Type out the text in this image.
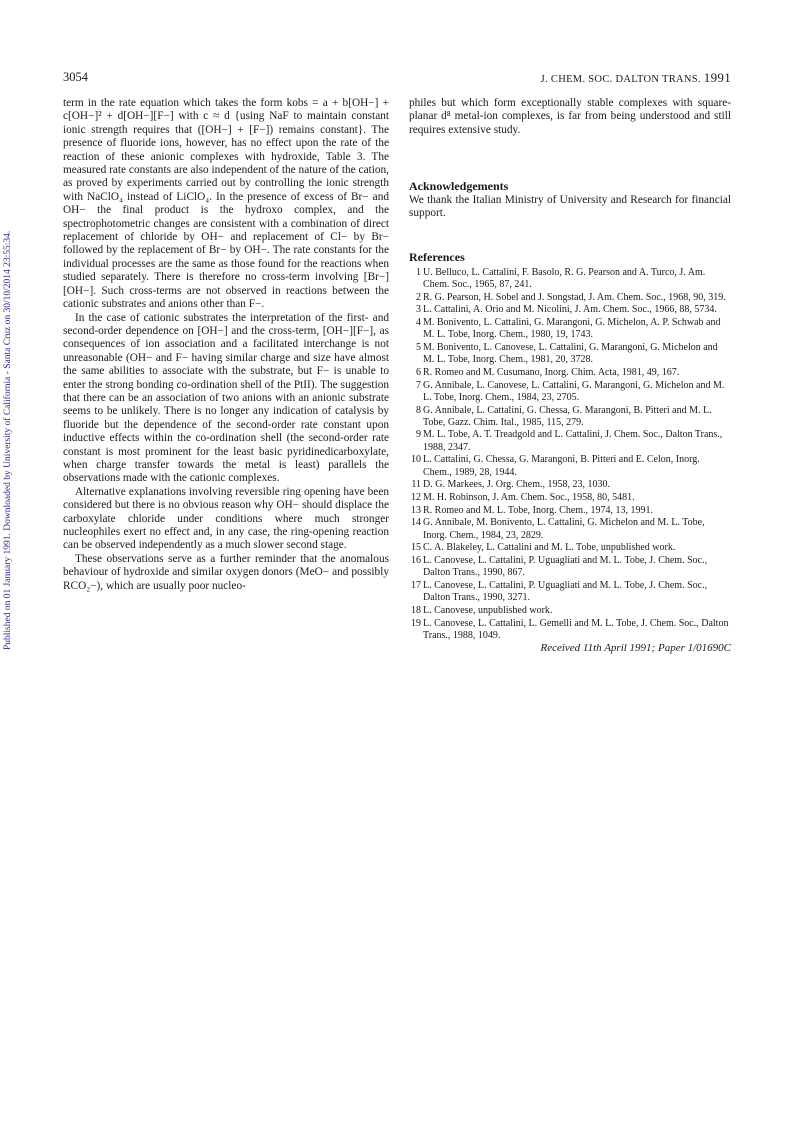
3054	J. CHEM. SOC. DALTON TRANS. 1991
Published on 01 January 1991. Downloaded by University of California - Santa Cruz on 30/10/2014 23:55:34.

term in the rate equation which takes the form kobs = a + b[OH−] + c[OH−]² + d[OH−][F−] with c ≈ d {using NaF to maintain constant ionic strength requires that ([OH−] + [F−]) remains constant}. The presence of fluoride ions, however, has no effect upon the rate of the reaction of these anionic complexes with hydroxide, Table 3. The measured rate constants are also independent of the nature of the cation, as proved by experiments carried out by controlling the ionic strength with NaClO₄ instead of LiClO₄. In the presence of excess of Br− and OH− the final product is the hydroxo complex, and the spectrophotometric changes are consistent with a combination of direct replacement of chloride by OH− and replacement of Cl− by Br− followed by the replacement of Br− by OH−. The rate constants for the individual processes are the same as those found for the reactions when studied separately. There is therefore no cross-term involving [Br−][OH−]. Such cross-terms are not observed in reactions between the cationic substrates and anions other than F−.

In the case of cationic substrates the interpretation of the first- and second-order dependence on [OH−] and the cross-term, [OH−][F−], as consequences of ion association and a facilitated interchange is not unreasonable (OH− and F− having similar charge and size have almost the same abilities to associate with the substrate, but F− is unable to enter the strong bonding co-ordination shell of the PtII). The suggestion that there can be an association of two anions with an anionic substrate seems to be unlikely. There is no longer any indication of catalysis by fluoride but the dependence of the second-order rate constant upon inductive effects within the co-ordination shell (the second-order rate constant is most prominent for the least basic pyridinedicarboxylate, when charge transfer towards the metal is least) parallels the observations made with the cationic complexes.

Alternative explanations involving reversible ring opening have been considered but there is no obvious reason why OH− should displace the carboxylate chloride under conditions where much stronger nucleophiles exert no effect and, in any case, the ring-opening reaction can be observed independently as a much slower second stage.

These observations serve as a further reminder that the anomalous behaviour of hydroxide and similar oxygen donors (MeO− and possibly RCO₂−), which are usually poor nucleo-

philes but which form exceptionally stable complexes with square-planar d⁸ metal-ion complexes, is far from being understood and still requires extensive study.

Acknowledgements

We thank the Italian Ministry of University and Research for financial support.

References
1 U. Belluco, L. Cattalini, F. Basolo, R. G. Pearson and A. Turco, J. Am. Chem. Soc., 1965, 87, 241.
2 R. G. Pearson, H. Sobel and J. Songstad, J. Am. Chem. Soc., 1968, 90, 319.
3 L. Cattalini, A. Orio and M. Nicolini, J. Am. Chem. Soc., 1966, 88, 5734.
4 M. Bonivento, L. Cattalini, G. Marangoni, G. Michelon, A. P. Schwab and M. L. Tobe, Inorg. Chem., 1980, 19, 1743.
5 M. Bonivento, L. Canovese, L. Cattalini, G. Marangoni, G. Michelon and M. L. Tobe, Inorg. Chem., 1981, 20, 3728.
6 R. Romeo and M. Cusumano, Inorg. Chim. Acta, 1981, 49, 167.
7 G. Annibale, L. Canovese, L. Cattalini, G. Marangoni, G. Michelon and M. L. Tobe, Inorg. Chem., 1984, 23, 2705.
8 G. Annibale, L. Cattalini, G. Chessa, G. Marangoni, B. Pitteri and M. L. Tobe, Gazz. Chim. Ital., 1985, 115, 279.
9 M. L. Tobe, A. T. Treadgold and L. Cattalini, J. Chem. Soc., Dalton Trans., 1988, 2347.
10 L. Cattalini, G. Chessa, G. Marangoni, B. Pitteri and E. Celon, Inorg. Chem., 1989, 28, 1944.
11 D. G. Markees, J. Org. Chem., 1958, 23, 1030.
12 M. H. Robinson, J. Am. Chem. Soc., 1958, 80, 5481.
13 R. Romeo and M. L. Tobe, Inorg. Chem., 1974, 13, 1991.
14 G. Annibale, M. Bonivento, L. Cattalini, G. Michelon and M. L. Tobe, Inorg. Chem., 1984, 23, 2829.
15 C. A. Blakeley, L. Cattalini and M. L. Tobe, unpublished work.
16 L. Canovese, L. Cattalini, P. Uguagliati and M. L. Tobe, J. Chem. Soc., Dalton Trans., 1990, 867.
17 L. Canovese, L. Cattalini, P. Uguagliati and M. L. Tobe, J. Chem. Soc., Dalton Trans., 1990, 3271.
18 L. Canovese, unpublished work.
19 L. Canovese, L. Cattalini, L. Gemelli and M. L. Tobe, J. Chem. Soc., Dalton Trans., 1988, 1049.

Received 11th April 1991; Paper 1/01690C
